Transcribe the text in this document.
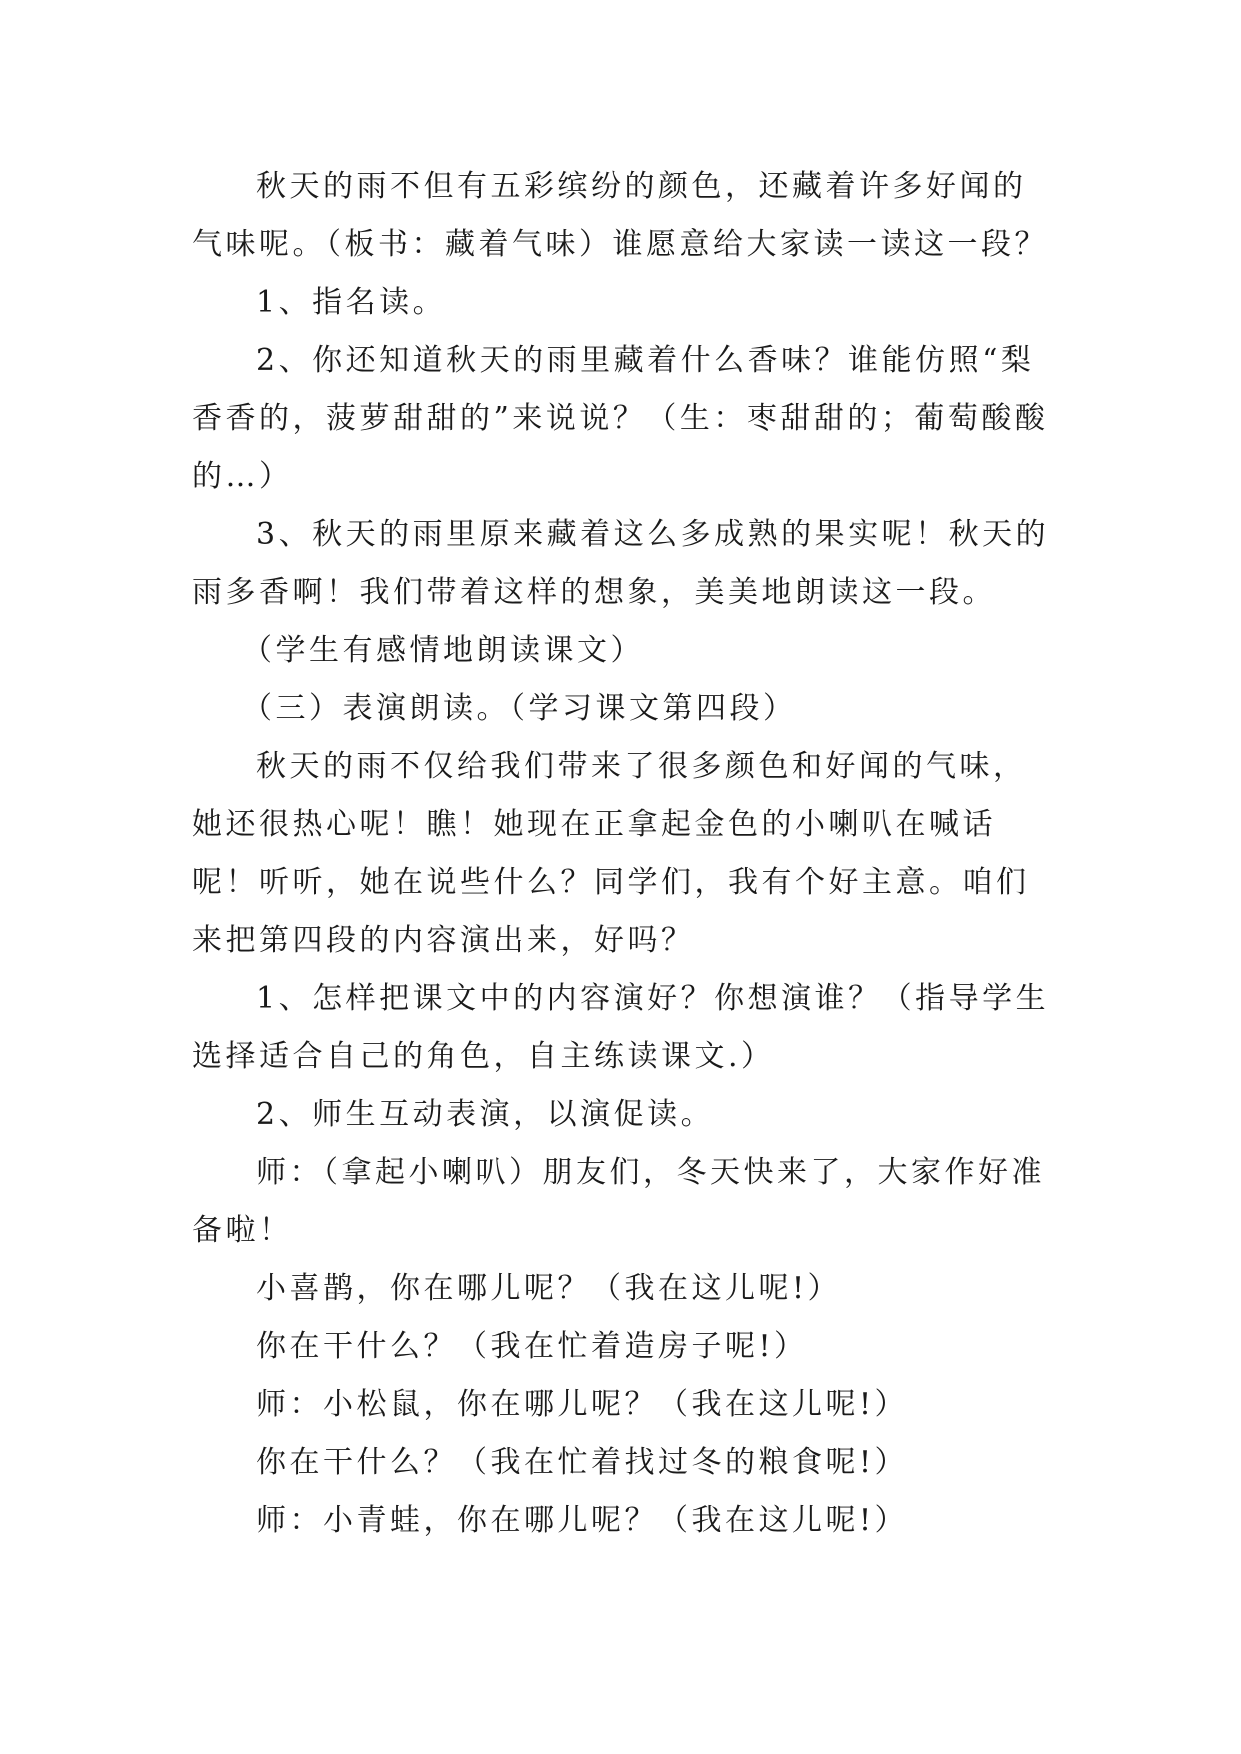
秋天的雨不但有五彩缤纷的颜色，还藏着许多好闻的气味呢。（板书：藏着气味）谁愿意给大家读一读这一段？

1、指名读。

2、你还知道秋天的雨里藏着什么香味？谁能仿照“梨香香的，菠萝甜甜的”来说说？（生：枣甜甜的；葡萄酸酸的…）

3、秋天的雨里原来藏着这么多成熟的果实呢！秋天的雨多香啊！我们带着这样的想象，美美地朗读这一段。

（学生有感情地朗读课文）

（三）表演朗读。（学习课文第四段）

秋天的雨不仅给我们带来了很多颜色和好闻的气味，她还很热心呢！瞧！她现在正拿起金色的小喇叭在喊话呢！听听，她在说些什么？同学们，我有个好主意。咱们来把第四段的内容演出来，好吗？

1、怎样把课文中的内容演好？你想演谁？（指导学生选择适合自己的角色，自主练读课文.）

2、师生互动表演，以演促读。

师：（拿起小喇叭）朋友们，冬天快来了，大家作好准备啦！

小喜鹊，你在哪儿呢？（我在这儿呢!）

你在干什么？（我在忙着造房子呢!）

师：小松鼠，你在哪儿呢？（我在这儿呢!）

你在干什么？（我在忙着找过冬的粮食呢!）

师：小青蛙，你在哪儿呢？（我在这儿呢!）
